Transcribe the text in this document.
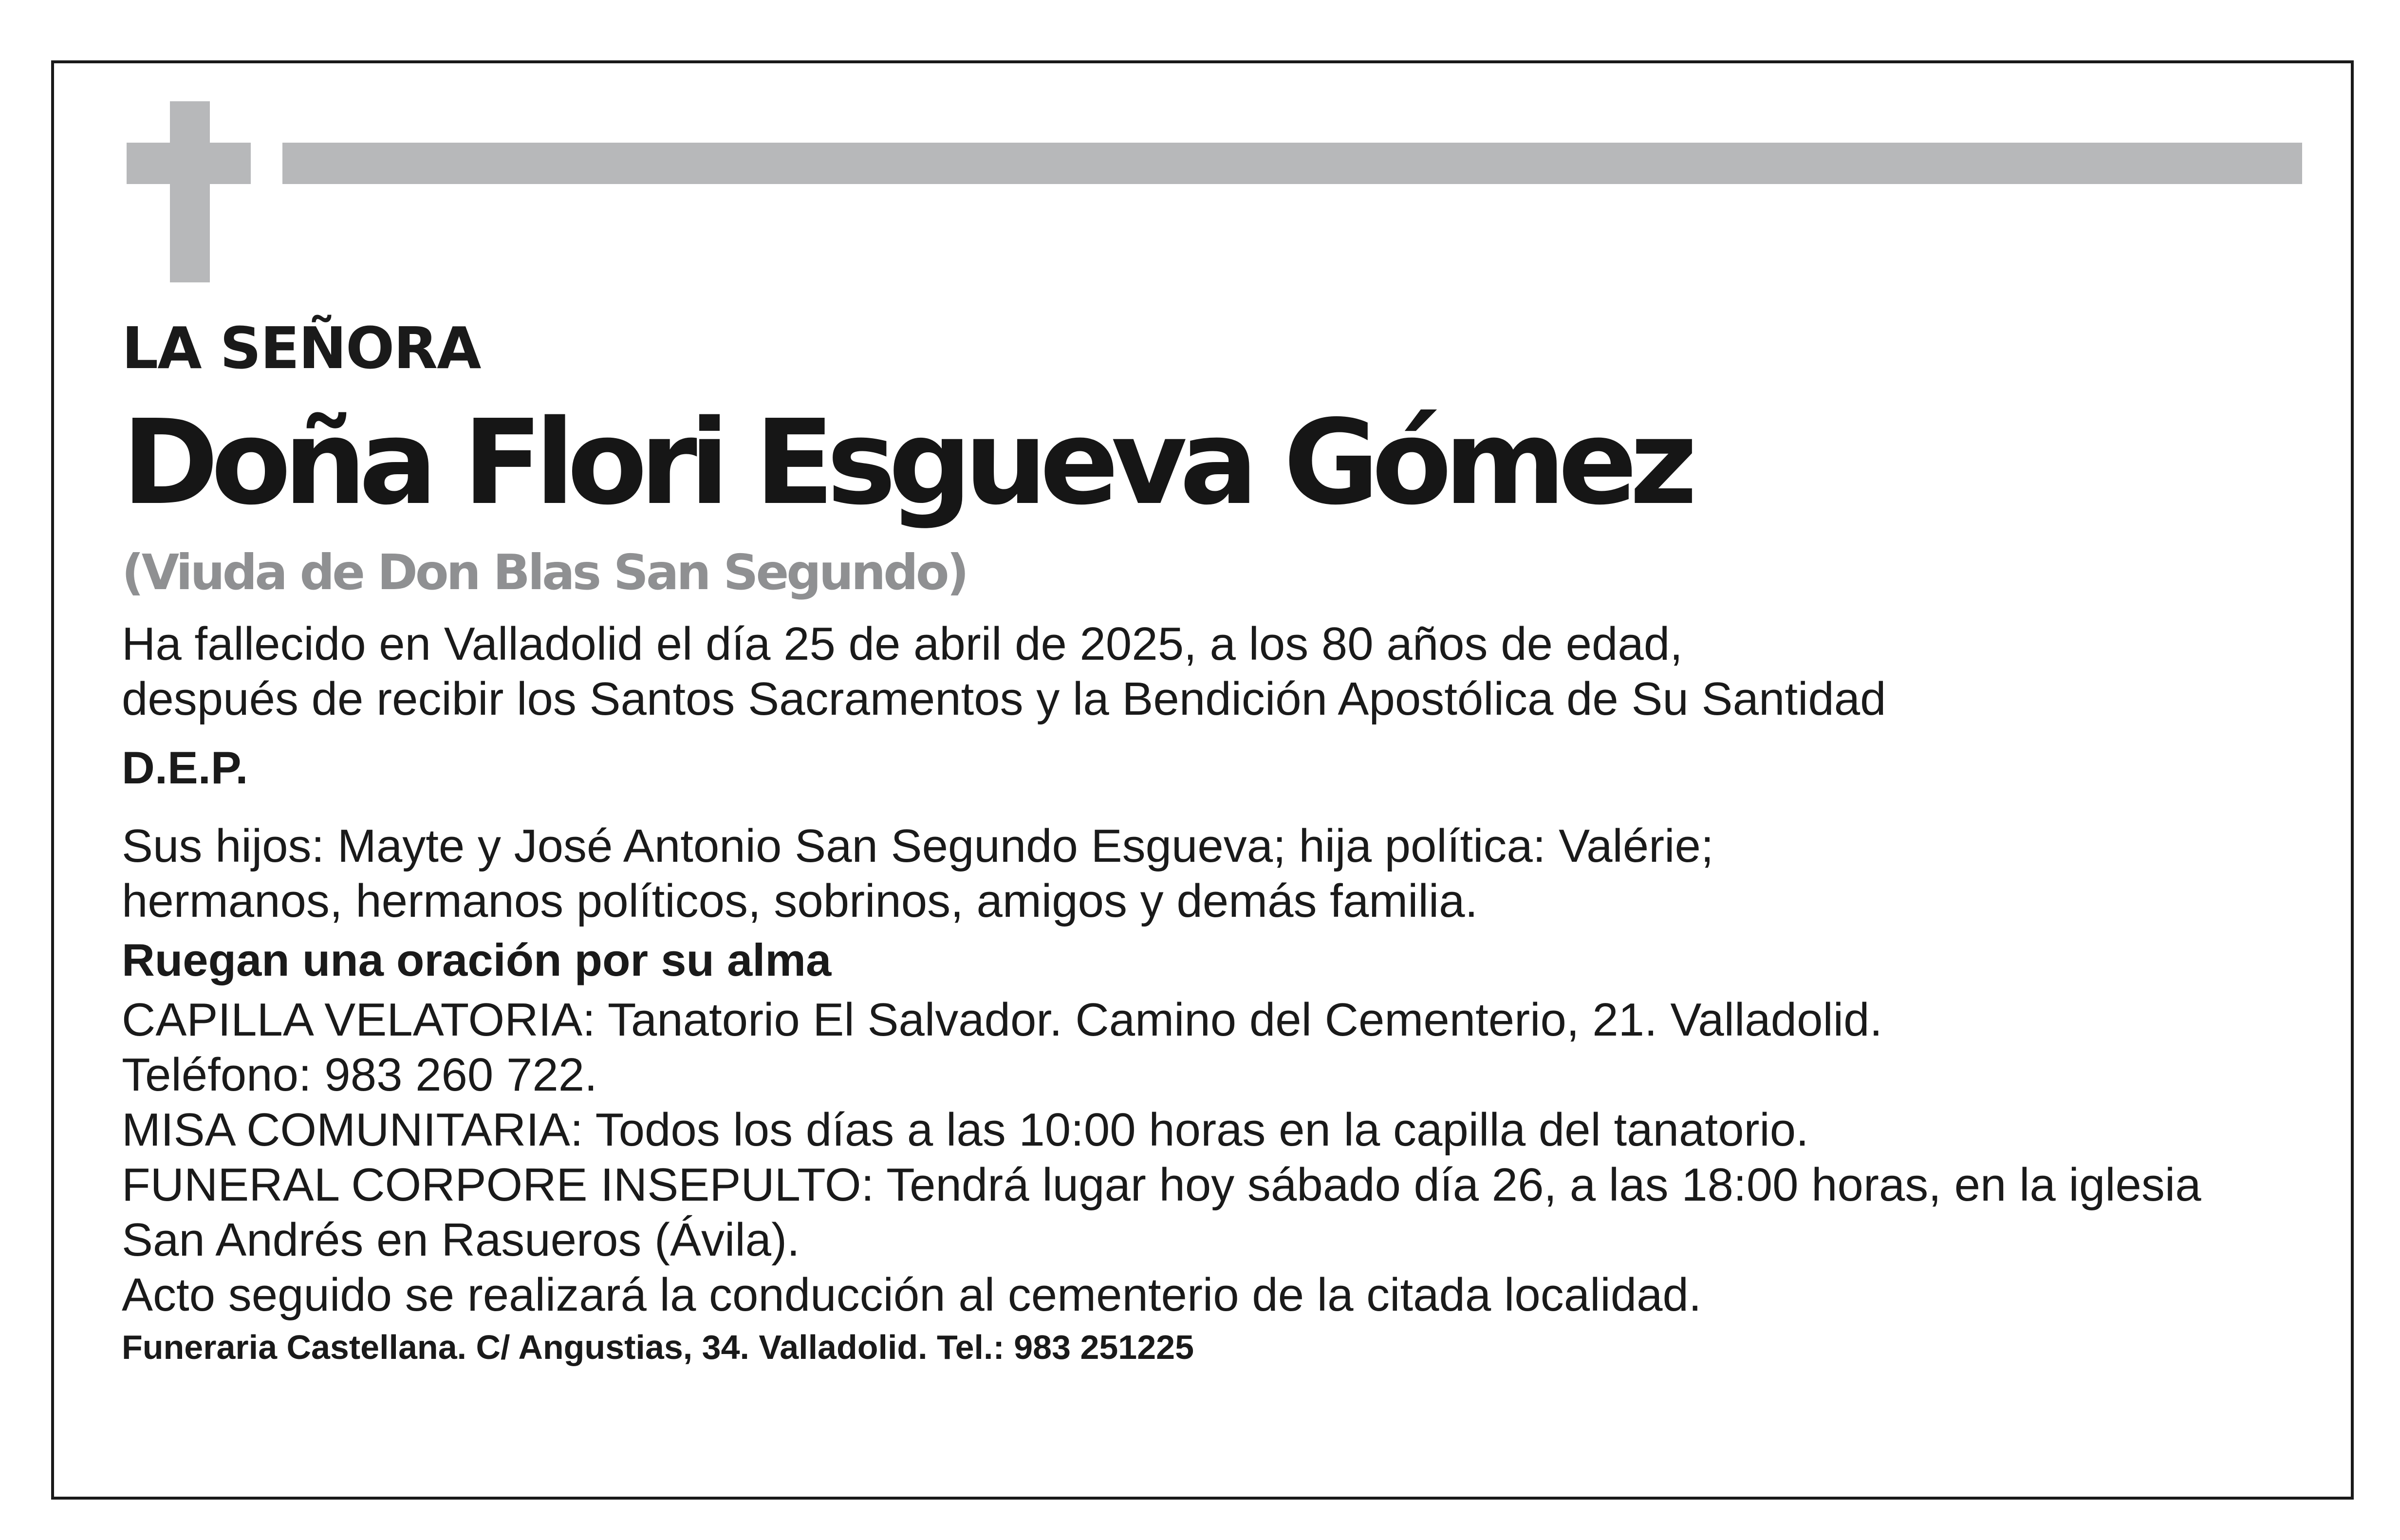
LA SEÑORA

Doña Flori Esgueva Gómez

(Viuda de Don Blas San Segundo)

Ha fallecido en Valladolid el día 25 de abril de 2025, a los 80 años de edad,

después de recibir los Santos Sacramentos y la Bendición Apostólica de Su Santidad

D.E.P.

Sus hijos: Mayte y José Antonio San Segundo Esgueva; hija política: Valérie;

hermanos, hermanos políticos, sobrinos, amigos y demás familia.

Ruegan una oración por su alma

CAPILLA VELATORIA: Tanatorio El Salvador. Camino del Cementerio, 21. Valladolid.

Teléfono: 983 260 722.

MISA COMUNITARIA: Todos los días a las 10:00 horas en la capilla del tanatorio.

FUNERAL CORPORE INSEPULTO: Tendrá lugar hoy sábado día 26, a las 18:00 horas, en la iglesia

San Andrés en Rasueros (Ávila).

Acto seguido se realizará la conducción al cementerio de la citada localidad.

Funeraria Castellana. C/ Angustias, 34. Valladolid. Tel.: 983 251225
